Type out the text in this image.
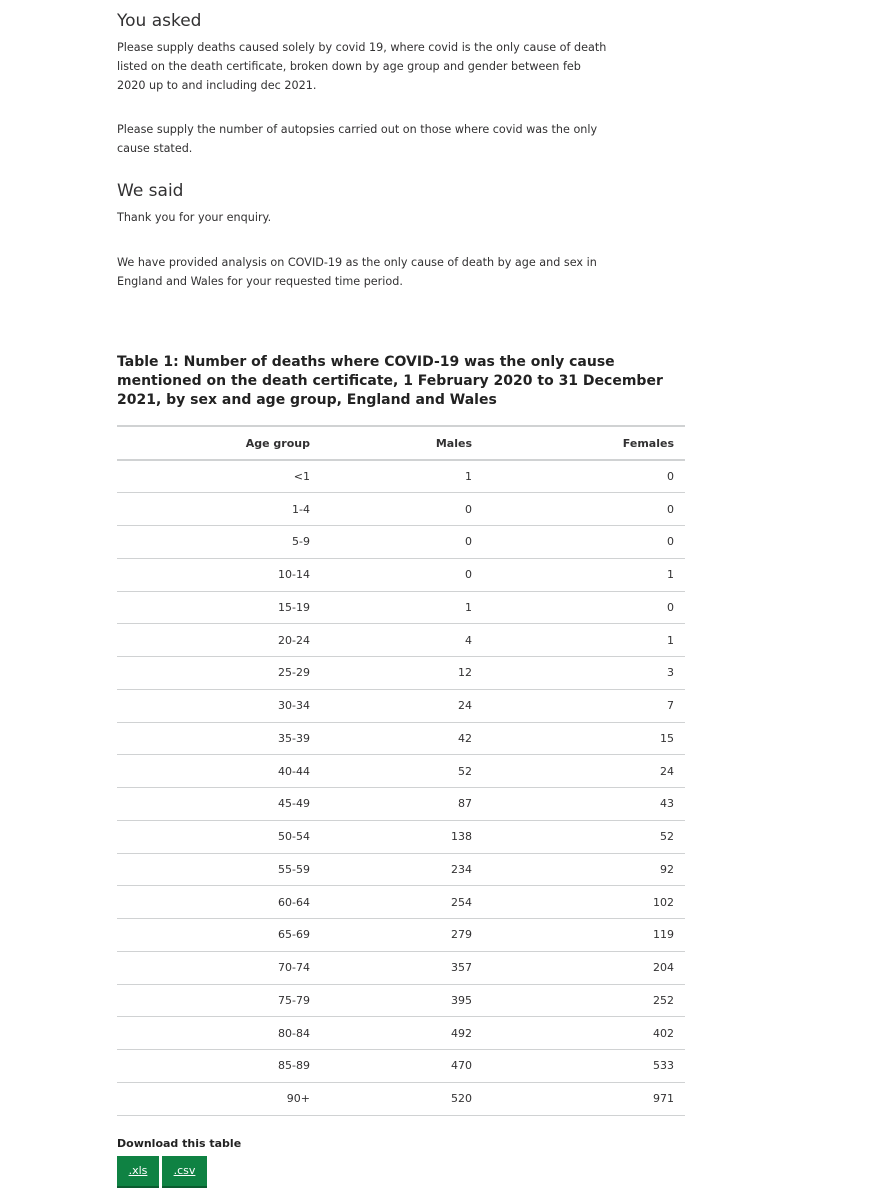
You asked

Please supply deaths caused solely by covid 19, where covid is the only cause of death listed on the death certificate, broken down by age group and gender between feb 2020 up to and including dec 2021.

Please supply the number of autopsies carried out on those where covid was the only cause stated.

We said

Thank you for your enquiry.

We have provided analysis on COVID-19 as the only cause of death by age and sex in England and Wales for your requested time period.

Table 1: Number of deaths where COVID-19 was the only cause mentioned on the death certificate, 1 February 2020 to 31 December 2021, by sex and age group, England and Wales
Age group	Males	Females
<1	1	0
1-4	0	0
5-9	0	0
10-14	0	1
15-19	1	0
20-24	4	1
25-29	12	3
30-34	24	7
35-39	42	15
40-44	52	24
45-49	87	43
50-54	138	52
55-59	234	92
60-64	254	102
65-69	279	119
70-74	357	204
75-79	395	252
80-84	492	402
85-89	470	533
90+	520	971

Download this table

.xls	.csv
